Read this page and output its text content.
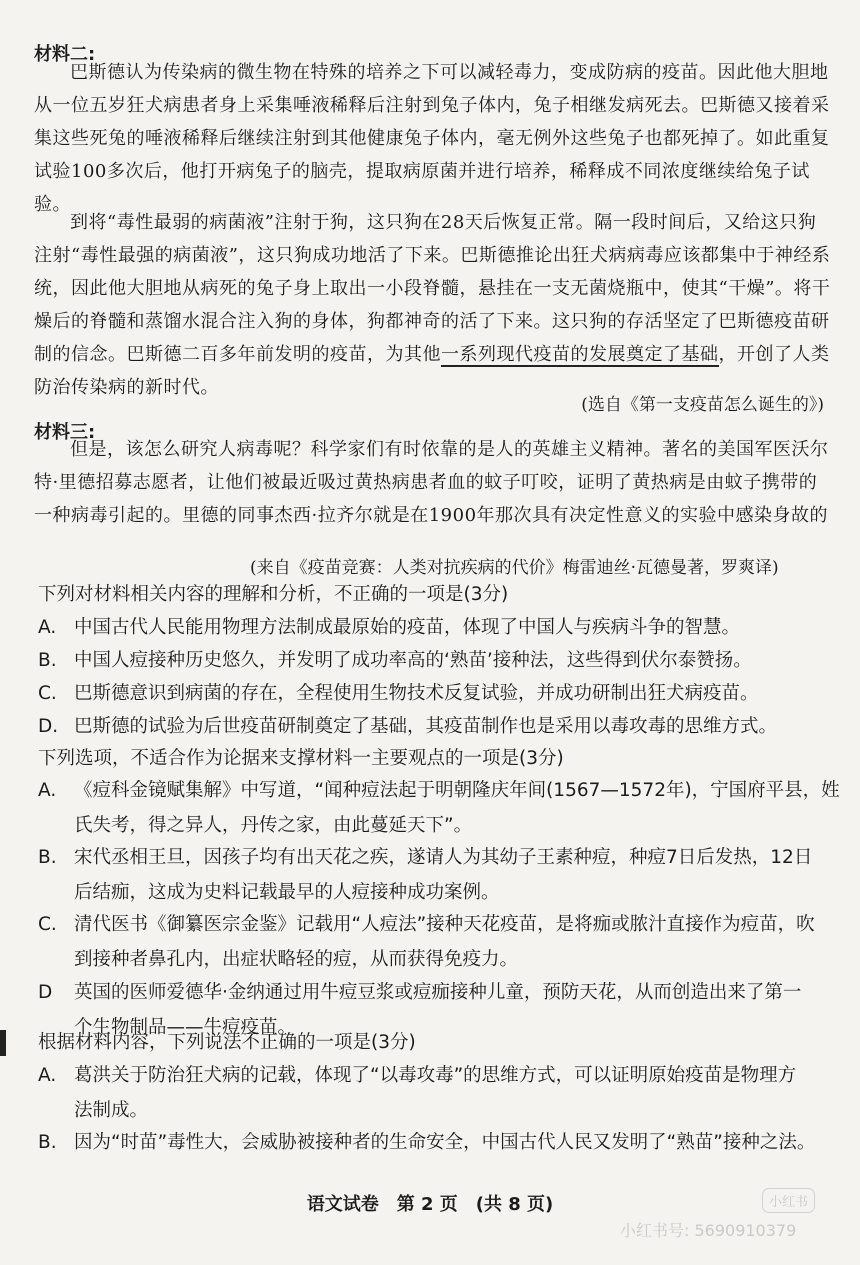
材料二:
巴斯德认为传染病的微生物在特殊的培养之下可以减轻毒力，变成防病的疫苗。因此他大胆地从一位五岁狂犬病患者身上采集唾液稀释后注射到兔子体内，兔子相继发病死去。巴斯德又接着采集这些死兔的唾液稀释后继续注射到其他健康兔子体内，毫无例外这些兔子也都死掉了。如此重复试验100多次后，他打开病兔子的脑壳，提取病原菌并进行培养，稀释成不同浓度继续给兔子试验。
到将“毒性最弱的病菌液”注射于狗，这只狗在28天后恢复正常。隔一段时间后，又给这只狗注射“毒性最强的病菌液”，这只狗成功地活了下来。巴斯德推论出狂犬病病毒应该都集中于神经系统，因此他大胆地从病死的兔子身上取出一小段脊髓，悬挂在一支无菌烧瓶中，使其“干燥”。将干燥后的脊髓和蒸馏水混合注入狗的身体，狗都神奇的活了下来。这只狗的存活坚定了巴斯德疫苗研制的信念。巴斯德二百多年前发明的疫苗，为其他一系列现代疫苗的发展奠定了基础，开创了人类防治传染病的新时代。
(选自《第一支疫苗怎么诞生的》)
材料三:
但是，该怎么研究人病毒呢？科学家们有时依靠的是人的英雄主义精神。著名的美国军医沃尔特·里德招募志愿者，让他们被最近吸过黄热病患者血的蚊子叮咬，证明了黄热病是由蚊子携带的一种病毒引起的。里德的同事杰西·拉齐尔就是在1900年那次具有决定性意义的实验中感染身故的
(来自《疫苗竞赛：人类对抗疾病的代价》梅雷迪丝·瓦德曼著，罗爽译)
下列对材料相关内容的理解和分析，不正确的一项是(3分)
A. 中国古代人民能用物理方法制成最原始的疫苗，体现了中国人与疾病斗争的智慧。
B. 中国人痘接种历史悠久，并发明了成功率高的‘熟苗’接种法，这些得到伏尔泰赞扬。
C. 巴斯德意识到病菌的存在，全程使用生物技术反复试验，并成功研制出狂犬病疫苗。
D. 巴斯德的试验为后世疫苗研制奠定了基础，其疫苗制作也是采用以毒攻毒的思维方式。
下列选项，不适合作为论据来支撑材料一主要观点的一项是(3分)
A. 《痘科金镜赋集解》中写道，“闻种痘法起于明朝隆庆年间(1567—1572年)，宁国府平县，姓
氏失考，得之异人，丹传之家，由此蔓延天下”。
B. 宋代丞相王旦，因孩子均有出天花之疾，遂请人为其幼子王素种痘，种痘7日后发热，12日
后结痂，这成为史料记载最早的人痘接种成功案例。
C. 清代医书《御纂医宗金鉴》记载用“人痘法”接种天花疫苗，是将痂或脓汁直接作为痘苗，吹
到接种者鼻孔内，出症状略轻的痘，从而获得免疫力。
D 英国的医师爱德华·金纳通过用牛痘豆浆或痘痂接种儿童，预防天花，从而创造出来了第一
个生物制品——牛痘疫苗。
根据材料内容，下列说法不正确的一项是(3分)
A. 葛洪关于防治狂犬病的记载，体现了“以毒攻毒”的思维方式，可以证明原始疫苗是物理方
法制成。
B. 因为“时苗”毒性大，会威胁被接种者的生命安全，中国古代人民又发明了“熟苗”接种之法。
语文试卷　第 2 页　(共 8 页)	小红书
小红书号: 5690910379
